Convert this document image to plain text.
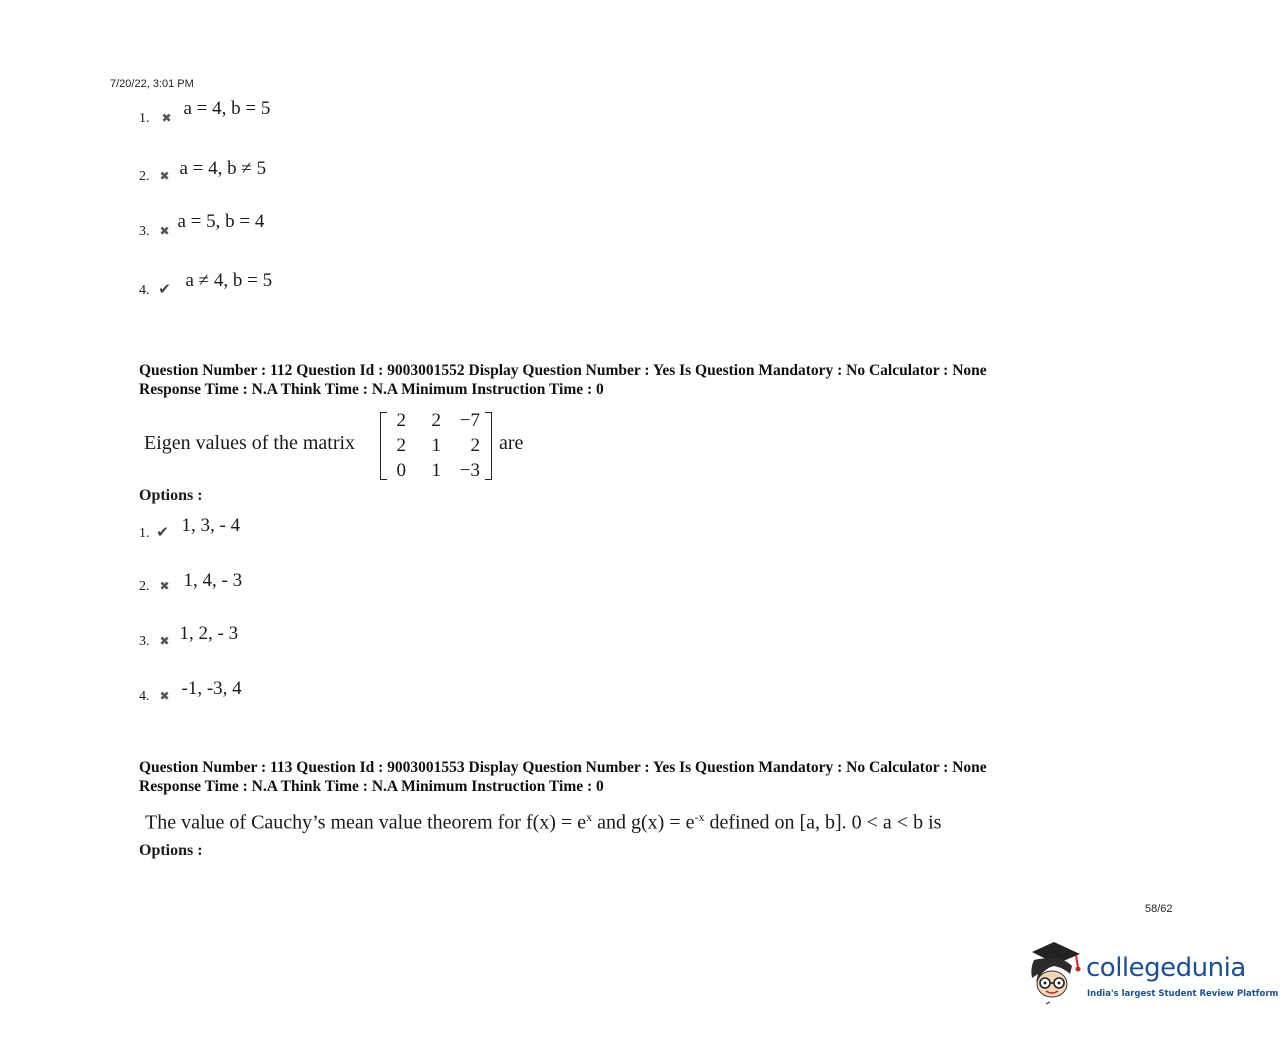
7/20/22, 3:01 PM
1. ✖ a = 4, b = 5
2. ✖ a = 4, b ≠ 5
3. ✖ a = 5, b = 4
4. ✔ a ≠ 4, b = 5
Question Number : 112 Question Id : 9003001552 Display Question Number : Yes Is Question Mandatory : No Calculator : None
Response Time : N.A Think Time : N.A Minimum Instruction Time : 0
Eigen values of the matrix
2	2 −7
2	1	2
0	1 −3
are
Options :
1. ✔ 1, 3, - 4
2. ✖ 1, 4, - 3
3. ✖ 1, 2, - 3
4. ✖ -1, -3, 4
Question Number : 113 Question Id : 9003001553 Display Question Number : Yes Is Question Mandatory : No Calculator : None
Response Time : N.A Think Time : N.A Minimum Instruction Time : 0
The value of Cauchy’s mean value theorem for $f(x) = e^x$ and $g(x) = e^{-x}$ defined on [a, b]. 0 < a < b is
Options :
58/62
collegedunia
India's largest Student Review Platform
